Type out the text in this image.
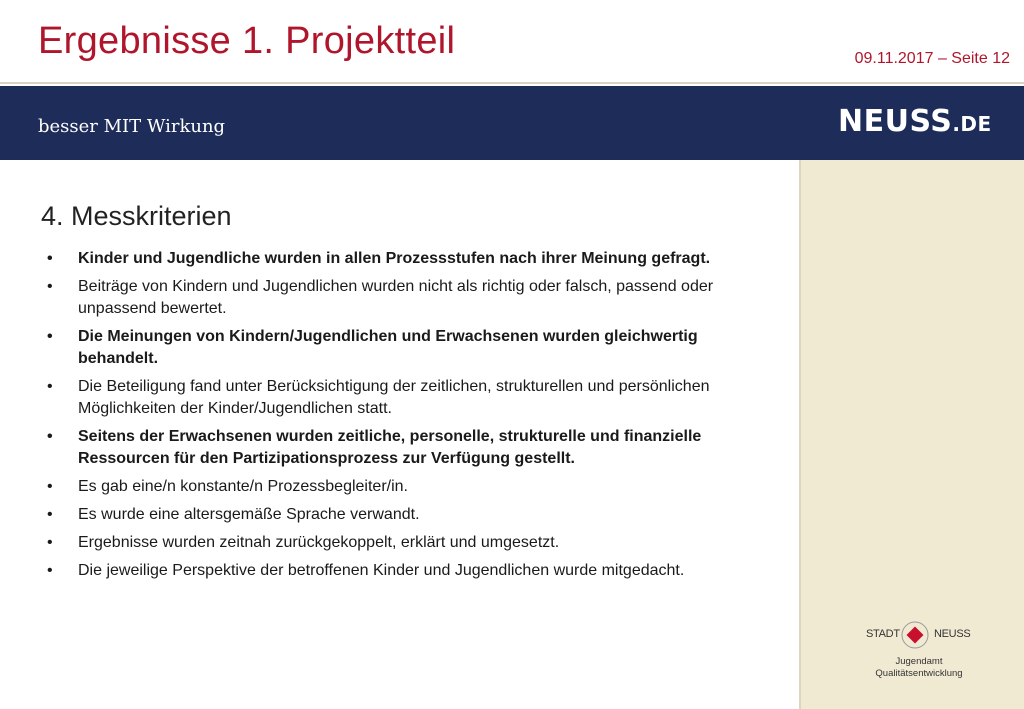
Ergebnisse 1. Projektteil	09.11.2017 – Seite 12
besser MIT Wirkung	NEUSS.DE
4. Messkriterien
• Kinder und Jugendliche wurden in allen Prozessstufen nach ihrer Meinung gefragt.
• Beiträge von Kindern und Jugendlichen wurden nicht als richtig oder falsch, passend oder unpassend bewertet.
• Die Meinungen von Kindern/Jugendlichen und Erwachsenen wurden gleichwertig behandelt.
• Die Beteiligung fand unter Berücksichtigung der zeitlichen, strukturellen und persönlichen Möglichkeiten der Kinder/Jugendlichen statt.
• Seitens der Erwachsenen wurden zeitliche, personelle, strukturelle und finanzielle Ressourcen für den Partizipationsprozess zur Verfügung gestellt.
• Es gab eine/n konstante/n Prozessbegleiter/in.
• Es wurde eine altersgemäße Sprache verwandt.
• Ergebnisse wurden zeitnah zurückgekoppelt, erklärt und umgesetzt.
• Die jeweilige Perspektive der betroffenen Kinder und Jugendlichen wurde mitgedacht.
STADT	NEUSS
Jugendamt
Qualitätsentwicklung
